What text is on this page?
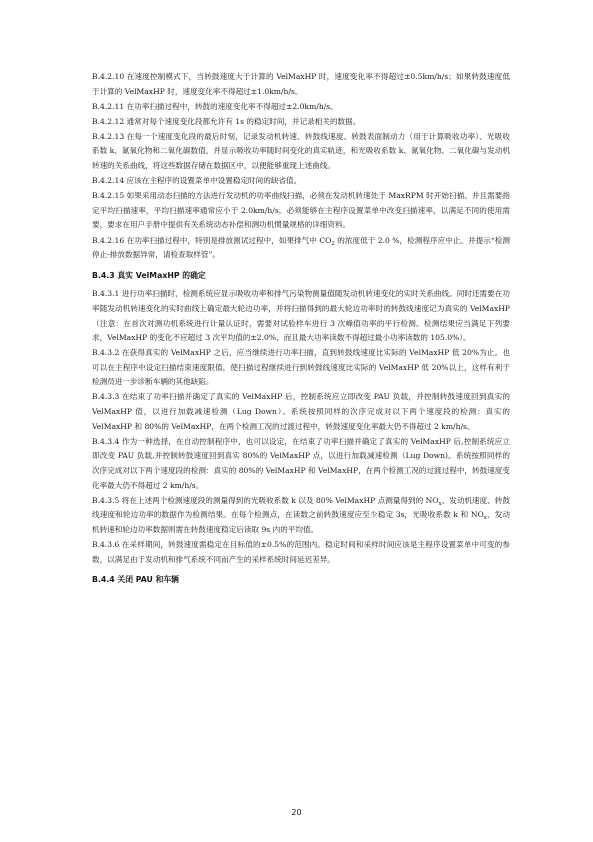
B.4.2.10 在速度控制模式下，当转鼓速度大于计算的 VelMaxHP 时，速度变化率不得超过±0.5km/h/s；如果转鼓速度低于计算的 VelMaxHP 时，速度变化率不得超过±1.0km/h/s。

B.4.2.11 在功率扫描过程中，转鼓的速度变化率不得超过±2.0km/h/s。

B.4.2.12 通常对每个速度变化段都允许有 1s 的稳定时间，并记录相关的数据。

B.4.2.13 在每一个速度变化段的最后时刻，记录发动机转速、转鼓线速度、转鼓表面制动力（用于计算吸收功率）、光吸收系数 k、氮氧化物和二氧化碳数值，并显示吸收功率随时间变化的真实轨迹，和光吸收系数 k、氮氧化物、二氧化碳与发动机转速的关系曲线，将这些数据存储在数据区中，以便能够重现上述曲线。

B.4.2.14 应该在主程序的设置菜单中设置稳定时间的缺省值。

B.4.2.15 如果采用动态扫描的方法进行发动机的功率曲线扫描，必须在发动机转速处于 MaxRPM 时开始扫描。并且需要指定平均扫描速率，平均扫描速率通常应小于 2.0km/h/s。必须能够在主程序设置菜单中改变扫描速率，以满足不同的使用需要，要求在用户手册中提供有关系统动态补偿和测功机惯量规格的详细资料。

B.4.2.16 在功率扫描过程中，特别是排放测试过程中，如果排气中 $CO_2$ 的浓度低于 2.0 %，检测程序应中止。并提示“检测停止-排放数据异常，请检查取样管”。

B.4.3 真实 VelMaxHP 的确定

B.4.3.1 进行功率扫描时，检测系统应显示吸收功率和排气污染物测量值随发动机转速变化的实时关系曲线。同时还需要在功率随发动机转速变化的实时曲线上确定最大轮边功率，并将扫描得到的最大轮边功率时的转鼓线速度记为真实的 VelMaxHP（注意：在首次对测功机系统进行计量认证时，需要对试验样车进行 3 次峰值功率的平行检测。检测结果应当满足下列要求，VelMaxHP 的变化不应超过 3 次平均值的±2.0%，而且最大功率读数不得超过最小功率读数的 105.0%）。

B.4.3.2 在获得真实的 VelMaxHP 之后，应当继续进行功率扫描，直到转鼓线速度比实际的 VelMaxHP 低 20%为止。也可以在主程序中设定扫描结束速度限值，使扫描过程继续进行到转鼓线速度比实际的 VelMaxHP 低 20%以上，这样有利于检测员进一步诊断车辆的其他缺陷。

B.4.3.3 在结束了功率扫描并确定了真实的 VelMaxHP 后，控制系统应立即改变 PAU 负载，并控制转鼓速度回到真实的 VelMaxHP 值，以进行加载减速检测（Lug Down）。系统按照同样的次序完成对以下两个速度段的检测：真实的 VelMaxHP 和 80%的 VelMaxHP，在两个检测工况的过渡过程中，转鼓速度变化率最大仍不得超过 2 km/h/s。

B.4.3.4 作为一种选择，在自动控制程序中，也可以设定，在结束了功率扫描并确定了真实的 VelMaxHP 后,控制系统应立即改变 PAU 负载,并控制转鼓速度回到真实 80%的 VelMaxHP 点，以进行加载减速检测（Lug Down)。系统按照同样的次序完成对以下两个速度段的检测：真实的 80%的 VelMaxHP 和 VelMaxHP，在两个检测工况的过渡过程中，转鼓速度变化率最大仍不得超过 2 km/h/s。

B.4.3.5 将在上述两个检测速度段的测量得到的光吸收系数 k 以及 80% VelMaxHP 点测量得到的 $NO_x$、发动机速度、转鼓线速度和轮边功率的数据作为检测结果。在每个检测点，在读数之前转鼓速度应至少稳定 3s，光吸收系数 k 和 $NO_x$、发动机转速和轮边功率数据则需在转鼓速度稳定后读取 9s 内的平均值。

B.4.3.6 在采样期间，转鼓速度需稳定在目标值的±0.5%的范围内。稳定时间和采样时间应该是主程序设置菜单中可变的参数，以满足由于发动机和排气系统不同而产生的采样系统时间延迟差异。

B.4.4 关闭 PAU 和车辆
20
